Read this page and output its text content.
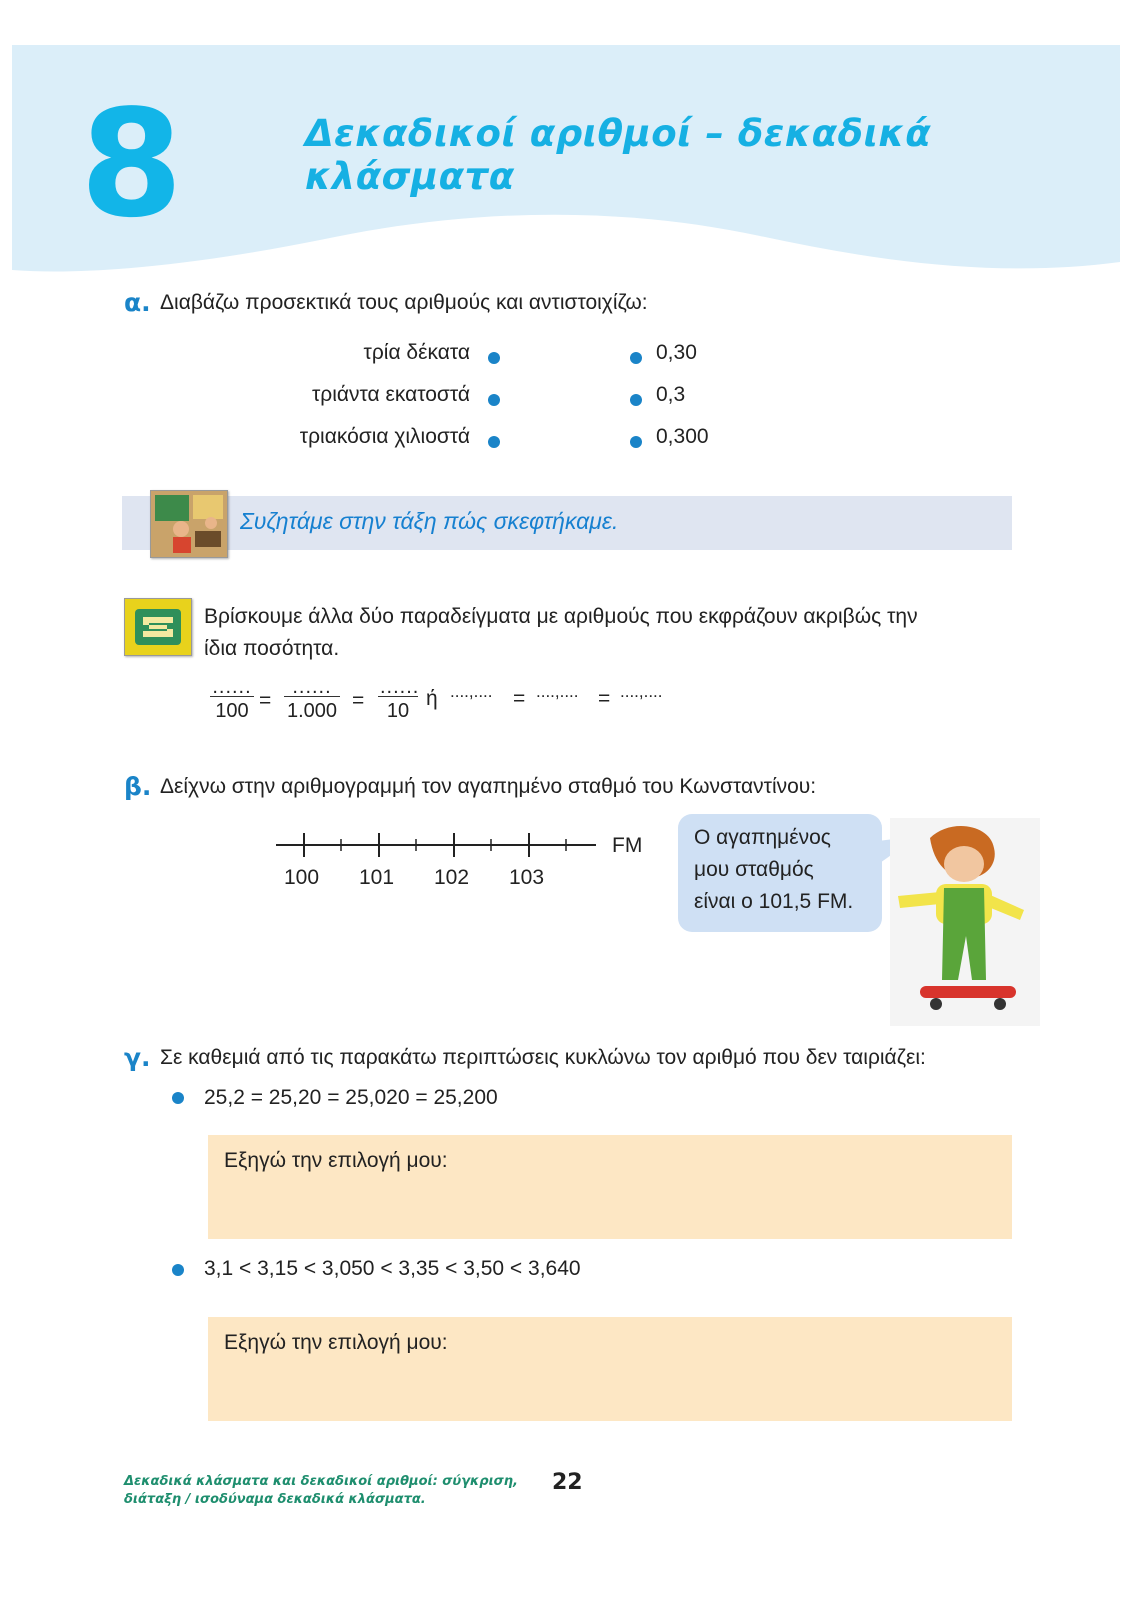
8	Δεκαδικοί αριθμοί – δεκαδικά κλάσματα
α. Διαβάζω προσεκτικά τους αριθμούς και αντιστοιχίζω:
τρία δέκατα
τριάντα εκατοστά
τριακόσια χιλιοστά
0,30
0,3
0,300
Συζητάμε στην τάξη πώς σκεφτήκαμε.
Βρίσκουμε άλλα δύο παραδείγματα με αριθμούς που εκφράζουν ακριβώς την
ίδια ποσότητα.
......
100 =
......
1.000 =
......
10
ή ....,.... = ....,.... = ....,....
β. Δείχνω στην αριθμογραμμή τον αγαπημένο σταθμό του Κωνσταντίνου:
100 101 102 103
FM Ο αγαπημένος
μου σταθμός
είναι ο 101,5 FM.
γ. Σε καθεμιά από τις παρακάτω περιπτώσεις κυκλώνω τον αριθμό που δεν ταιριάζει:
25,2 = 25,20 = 25,020 = 25,200
Εξηγώ την επιλογή μου:
3,1 < 3,15 < 3,050 < 3,35 < 3,50 < 3,640
Εξηγώ την επιλογή μου:
Δεκαδικά κλάσματα και δεκαδικοί αριθμοί: σύγκριση,
διάταξη / ισοδύναμα δεκαδικά κλάσματα.
22
